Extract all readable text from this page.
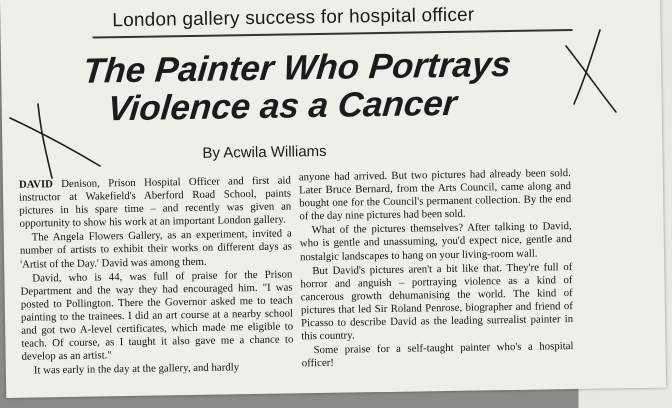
London gallery success for hospital officer
The Painter Who Portrays
Violence as a Cancer
By Acwila Williams

DAVID Denison, Prison Hospital Officer and first aid instructor at Wakefield's Aberford Road School, paints pictures in his spare time – and recently was given an opportunity to show his work at an important London gallery.

The Angela Flowers Gallery, as an experiment, invited a number of artists to exhibit their works on different days as 'Artist of the Day.' David was among them.

David, who is 44, was full of praise for the Prison Department and the way they had encouraged him. "I was posted to Pollington. There the Governor asked me to teach painting to the trainees. I did an art course at a nearby school and got two A-level certificates, which made me eligible to teach. Of course, as I taught it also gave me a chance to develop as an artist."

It was early in the day at the gallery, and hardly

anyone had arrived. But two pictures had already been sold. Later Bruce Bernard, from the Arts Council, came along and bought one for the Council's permanent collection. By the end of the day nine pictures had been sold.

What of the pictures themselves? After talking to David, who is gentle and unassuming, you'd expect nice, gentle and nostalgic landscapes to hang on your living-room wall.

But David's pictures aren't a bit like that. They're full of horror and anguish – portraying violence as a kind of cancerous growth dehumanising the world. The kind of pictures that led Sir Roland Penrose, biographer and friend of Picasso to describe David as the leading surrealist painter in this country.

Some praise for a self-taught painter who's a hospital officer!
